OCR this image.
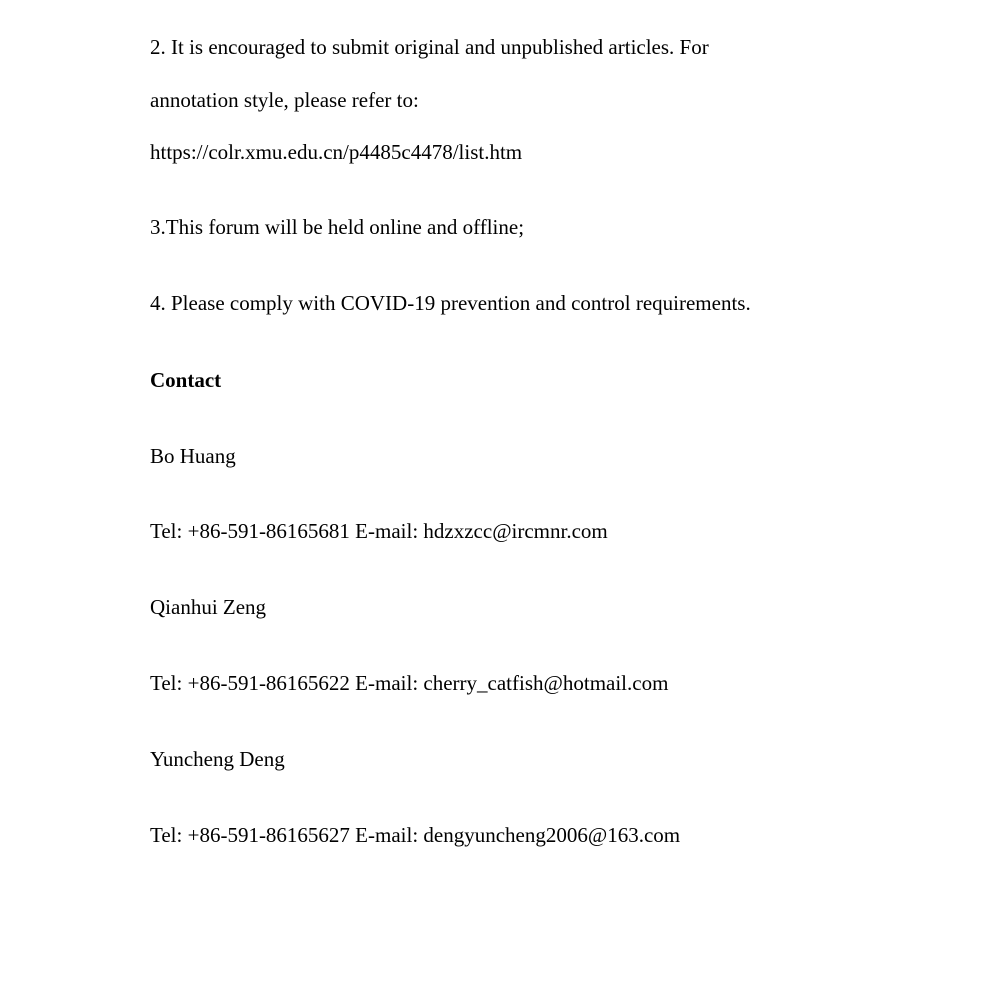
2. It is encouraged to submit original and unpublished articles. For
annotation style, please refer to:
https://colr.xmu.edu.cn/p4485c4478/list.htm
3.This forum will be held online and offline;
4. Please comply with COVID-19 prevention and control requirements.
Contact
Bo Huang
Tel: +86-591-86165681 E-mail: hdzxzcc@ircmnr.com
Qianhui Zeng
Tel: +86-591-86165622 E-mail: cherry_catfish@hotmail.com
Yuncheng Deng
Tel: +86-591-86165627 E-mail: dengyuncheng2006@163.com
